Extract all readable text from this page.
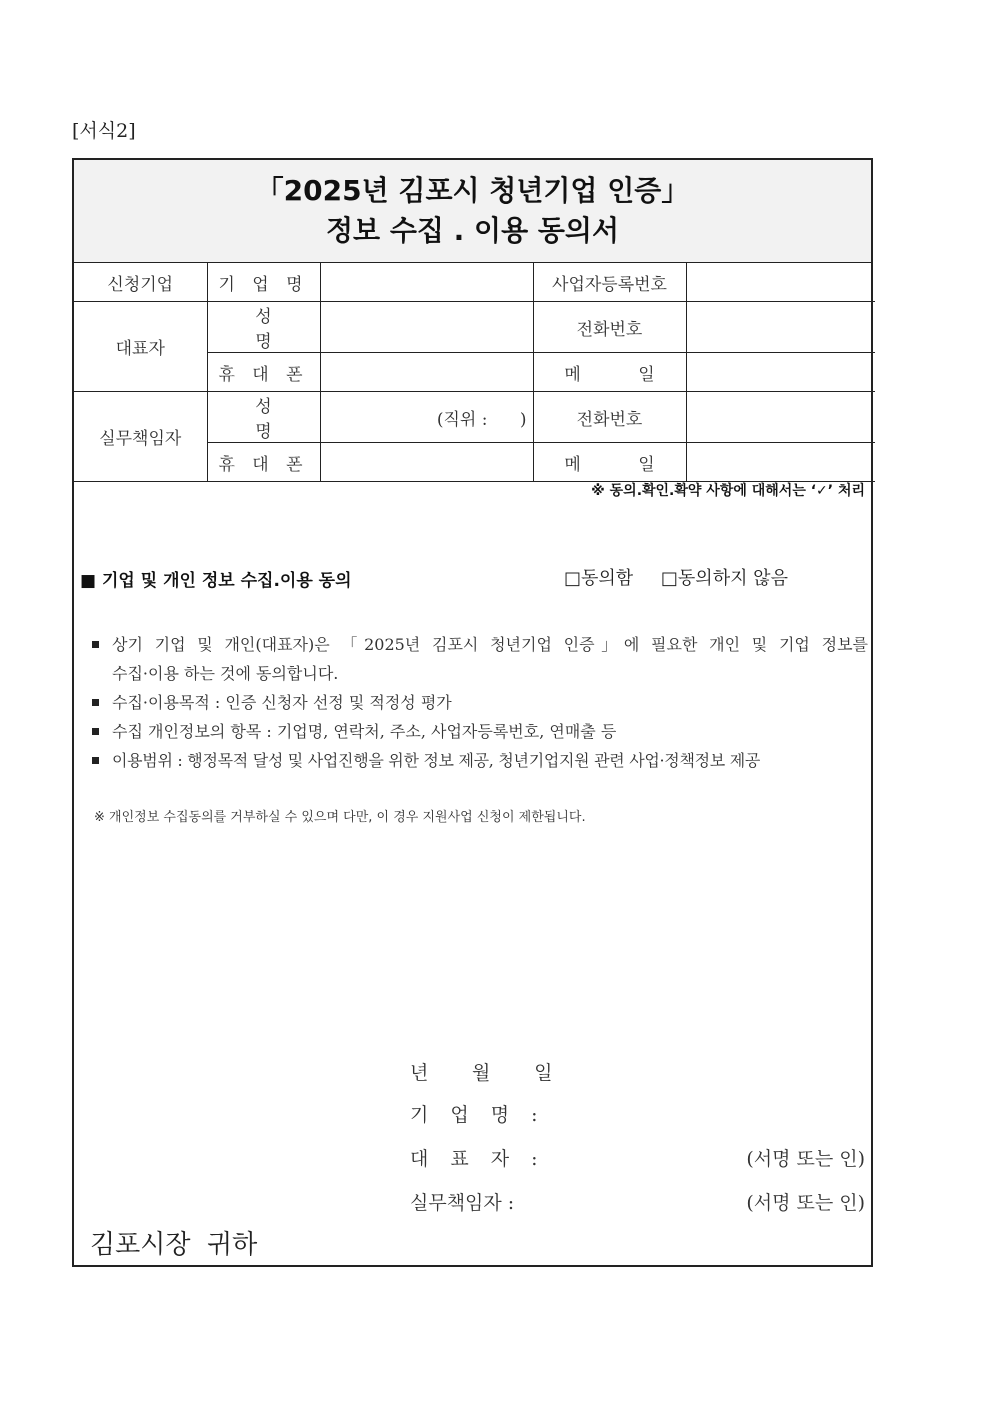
[서식2]
「2025년 김포시 청년기업 인증」
정보 수집 . 이용 동의서
신청기업	기 업 명		사업자등록번호	
대표자	성 명		전화번호	
	휴 대 폰		메 일	
실무책임자	성 명	(직위 :      )	전화번호	
	휴 대 폰		메 일	
※ 동의.확인.확약 사항에 대해서는 ‘✓’ 처리
■ 기업 및 개인 정보 수집.이용 동의	□동의함 □동의하지 않음
상기 기업 및 개인(대표자)은 「2025년 김포시 청년기업 인증」에 필요한 개인 및 기업 정보를
수집·이용 하는 것에 동의합니다.
수집·이용목적 : 인증 신청자 선정 및 적정성 평가
수집 개인정보의 항목 : 기업명, 연락처, 주소, 사업자등록번호, 연매출 등
이용범위 : 행정목적 달성 및 사업진행을 위한 정보 제공, 청년기업지원 관련 사업·정책정보 제공
※ 개인정보 수집동의를 거부하실 수 있으며 다만, 이 경우 지원사업 신청이 제한됩니다.
년 월 일
기 업 명 :
대 표 자 :	(서명 또는 인)
실무책임자 :	(서명 또는 인)
김포시장  귀하
